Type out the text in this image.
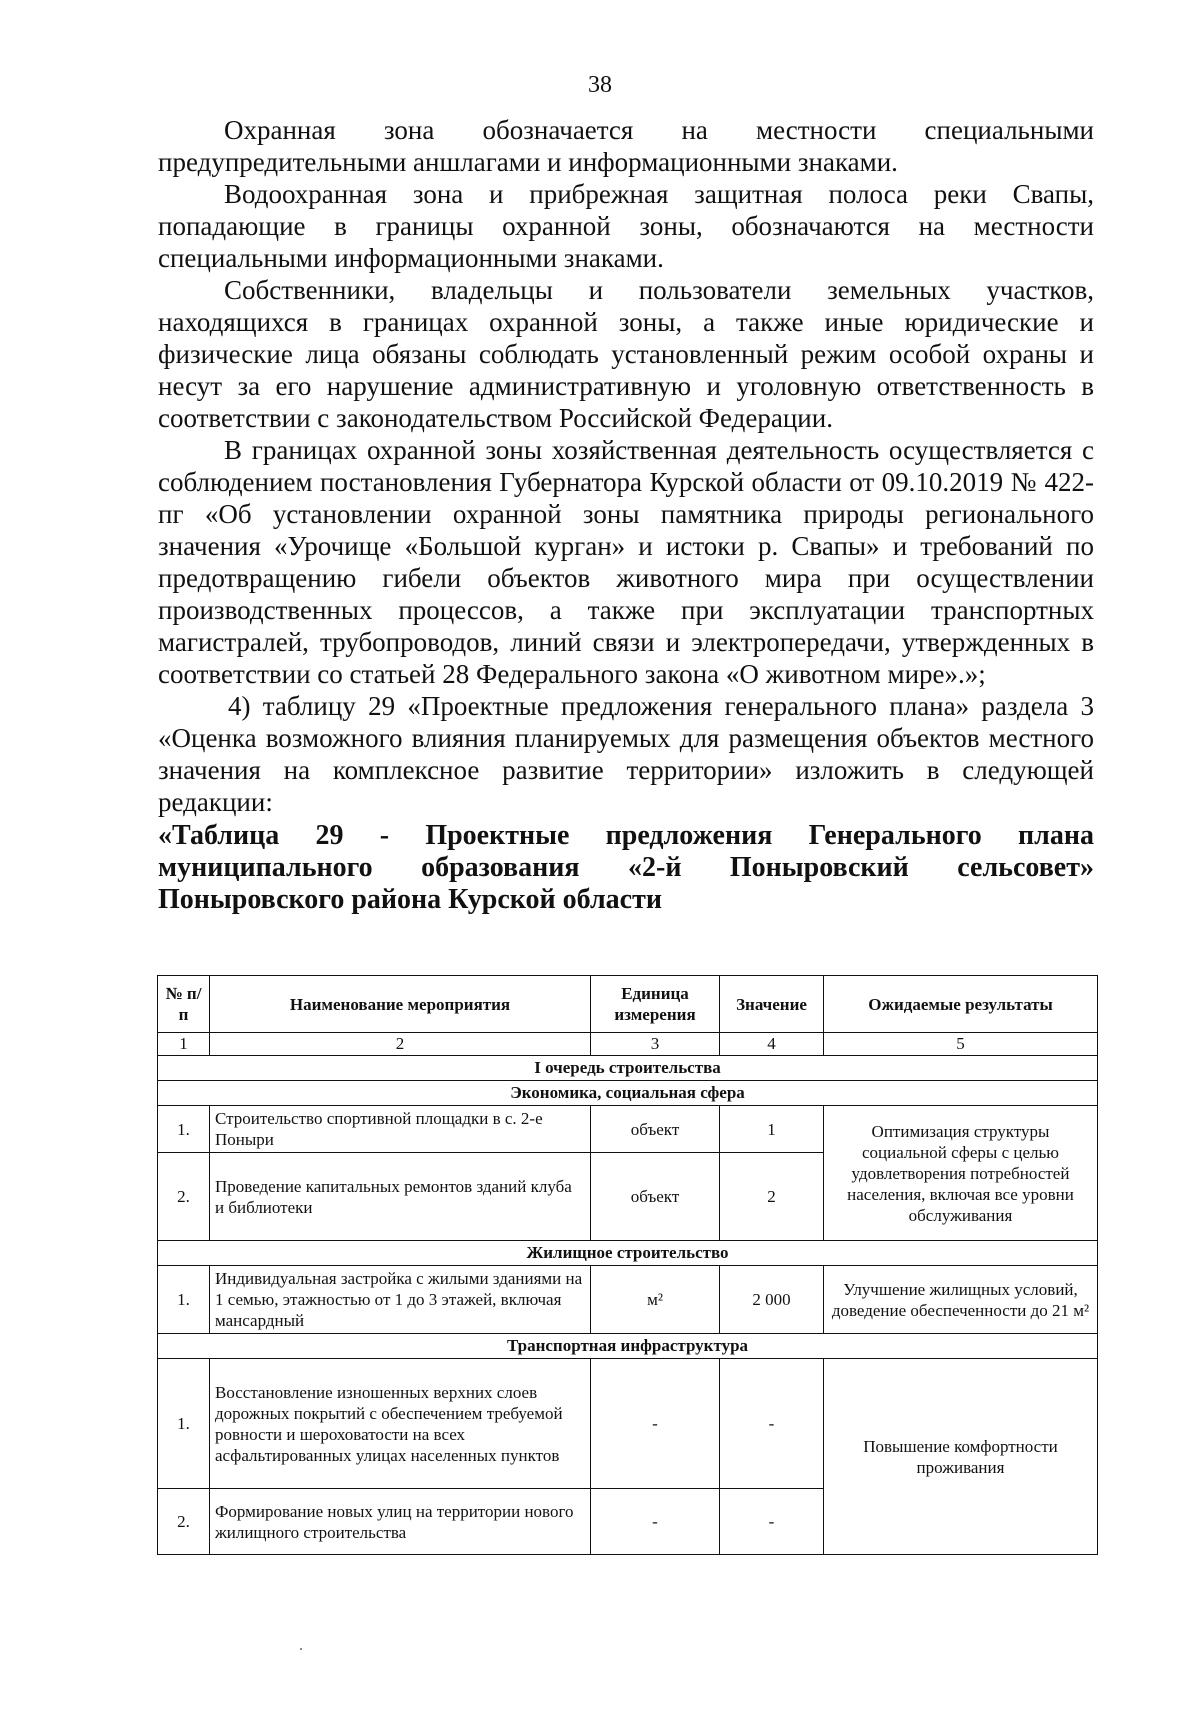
38

Охранная зона обозначается на местности специальными предупредительными аншлагами и информационными знаками.

Водоохранная зона и прибрежная защитная полоса реки Свапы, попадающие в границы охранной зоны, обозначаются на местности специальными информационными знаками.

Собственники, владельцы и пользователи земельных участков, находящихся в границах охранной зоны, а также иные юридические и физические лица обязаны соблюдать установленный режим особой охраны и несут за его нарушение административную и уголовную ответственность в соответствии с законодательством Российской Федерации.

В границах охранной зоны хозяйственная деятельность осуществляется с соблюдением постановления Губернатора Курской области от 09.10.2019 № 422-пг «Об установлении охранной зоны памятника природы регионального значения «Урочище «Большой курган» и истоки р. Свапы» и требований по предотвращению гибели объектов животного мира при осуществлении производственных процессов, а также при эксплуатации транспортных магистралей, трубопроводов, линий связи и электропередачи, утвержденных в соответствии со статьей 28 Федерального закона «О животном мире».»;

4) таблицу 29 «Проектные предложения генерального плана» раздела 3 «Оценка возможного влияния планируемых для размещения объектов местного значения на комплексное развитие территории» изложить в следующей редакции:

«Таблица 29 - Проектные предложения Генерального плана муниципального образования «2-й Поныровский сельсовет» Поныровского района Курской области
№ п/п	Наименование мероприятия	Единица измерения	Значение	Ожидаемые результаты
1	2	3	4	5
I очередь строительства				
Экономика, социальная сфера				
1.	Строительство спортивной площадки в с. 2-е Поныри	объект	1	Оптимизация структуры социальной сферы с целью удовлетворения потребностей населения, включая все уровни обслуживания
2.	Проведение капитальных ремонтов зданий клуба и библиотеки	объект	2	
Жилищное строительство				
1.	Индивидуальная застройка с жилыми зданиями на 1 семью, этажностью от 1 до 3 этажей, включая мансардный	м²	2 000	Улучшение жилищных условий, доведение обеспеченности до 21 м²
Транспортная инфраструктура				
1.	Восстановление изношенных верхних слоев дорожных покрытий с обеспечением требуемой ровности и шероховатости на всех асфальтированных улицах населенных пунктов	-	-	Повышение комфортности проживания
2.	Формирование новых улиц на территории нового жилищного строительства	-	-	
